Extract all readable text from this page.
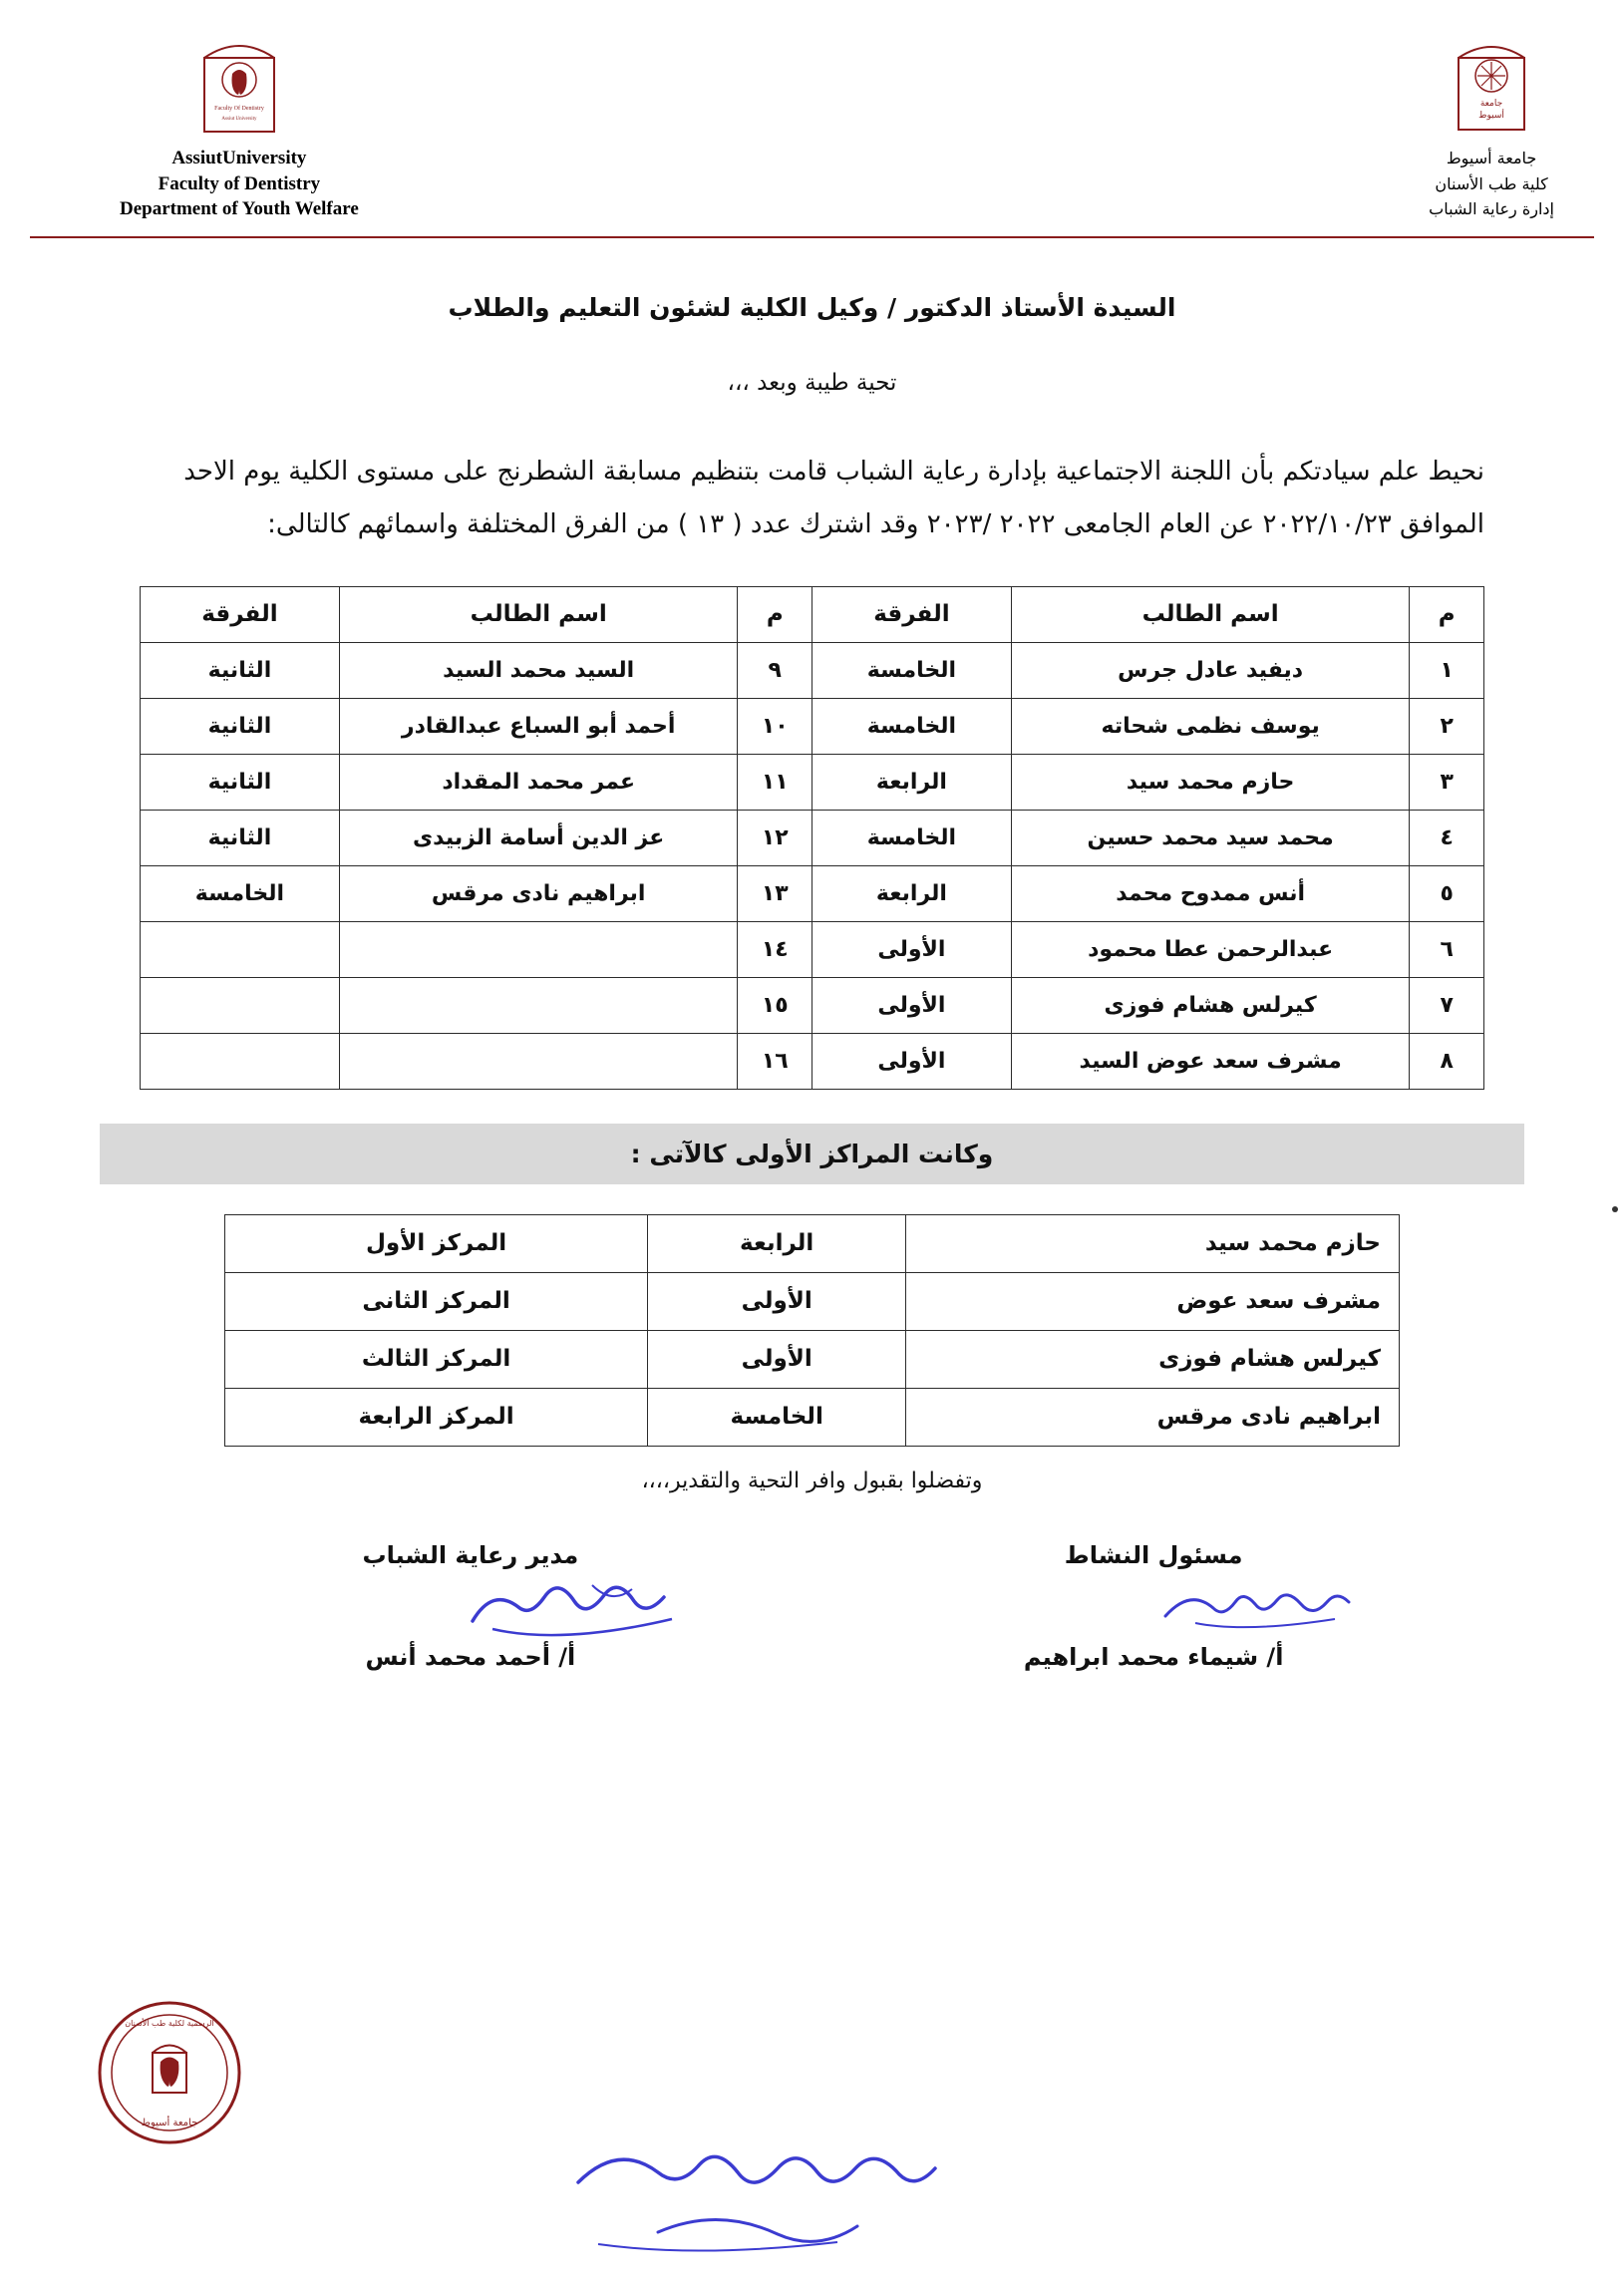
Faculty Of Dentistry
Assiut University
AssiutUniversity
Faculty of Dentistry
Department of Youth Welfare
جامعة
أسيوط
جامعة أسيوط
كلية طب الأسنان
إدارة رعاية الشباب
السيدة الأستاذ الدكتور / وكيل الكلية لشئون التعليم والطلاب
تحية طيبة وبعد ،،،
نحيط علم سيادتكم بأن اللجنة الاجتماعية بإدارة رعاية الشباب قامت بتنظيم مسابقة الشطرنج على مستوى الكلية يوم الاحد الموافق ٢٠٢٢/١٠/٢٣ عن العام الجامعى ٢٠٢٢ /٢٠٢٣ وقد اشترك عدد ( ١٣ ) من الفرق المختلفة واسمائهم كالتالى:
م	اسم الطالب	الفرقة	م	اسم الطالب	الفرقة
١	ديفيد عادل جرس	الخامسة	٩	السيد محمد السيد	الثانية
٢	يوسف نظمى شحاته	الخامسة	١٠	أحمد أبو السباع عبدالقادر	الثانية
٣	حازم محمد سيد	الرابعة	١١	عمر محمد المقداد	الثانية
٤	محمد سيد محمد حسين	الخامسة	١٢	عز الدين أسامة الزبيدى	الثانية
٥	أنس ممدوح محمد	الرابعة	١٣	ابراهيم نادى مرقس	الخامسة
٦	عبدالرحمن عطا محمود	الأولى	١٤		
٧	كيرلس هشام فوزى	الأولى	١٥		
٨	مشرف سعد عوض السيد	الأولى	١٦		
وكانت المراكز الأولى كالآتى :
حازم محمد سيد	الرابعة	المركز الأول
مشرف سعد عوض	الأولى	المركز الثانى
كيرلس هشام فوزى	الأولى	المركز الثالث
ابراهيم نادى مرقس	الخامسة	المركز الرابعة
وتفضلوا بقبول وافر التحية والتقدير،،،،
مسئول النشاط
أ/ شيماء محمد ابراهيم
مدير رعاية الشباب
أ/ أحمد محمد أنس
الرسمية لكلية طب الأسنان
جامعة أسيوط
